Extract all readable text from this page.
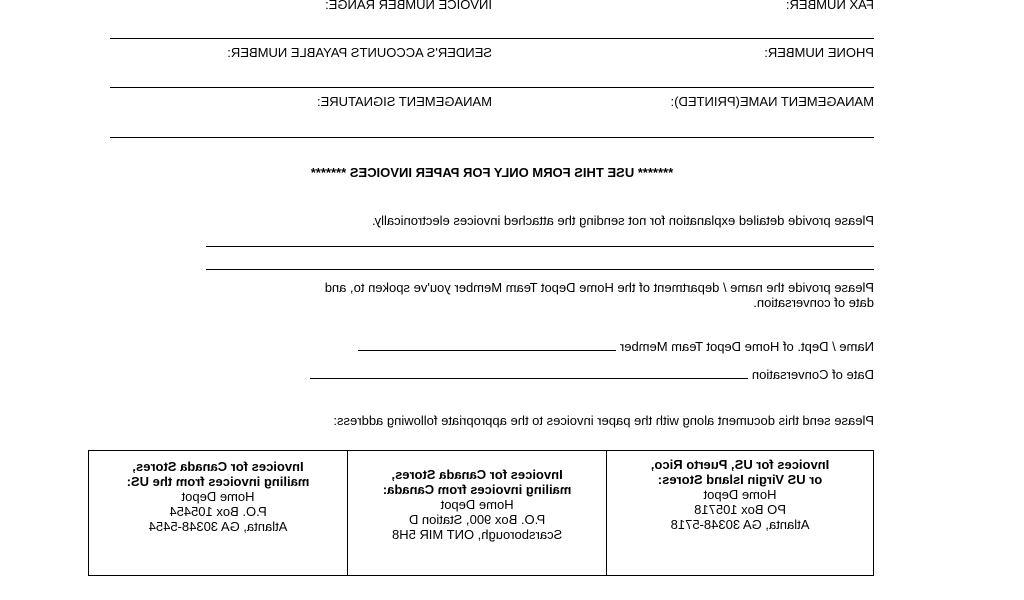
FAX NUMBER:
INVOICE NUMBER RANGE:
PHONE NUMBER:
SENDER'S ACCOUNTS PAYABLE NUMBER:
MANAGEMENT NAME(PRINTED):
MANAGEMENT SIGNATURE:
******* USE THIS FORM ONLY FOR PAPER INVOICES *******
Please provide detailed explanation for not sending the attached invoices electronically.
Please provide the name / department of the Home Depot Team Member you've spoken to, and
date of conversation.
Name / Dept. of Home Depot Team Member
Date of Conversation
Please send this document along with the paper invoices to the appropriate following address:
Invoices for US, Puerto Rico,
or US Virgin Island Stores:
Home Depot
PO Box 105718
Atlanta, GA 30348-5718

Invoices for Canada Stores,
mailing invoices from Canada:
Home Depot
P.O. Box 900, Station D
Scarsborough, ONT MIR 5H8

Invoices for Canada Stores,
mailing invoices from the US:
Home Depot
P.O. Box 105454
Atlanta, GA 30348-5454
